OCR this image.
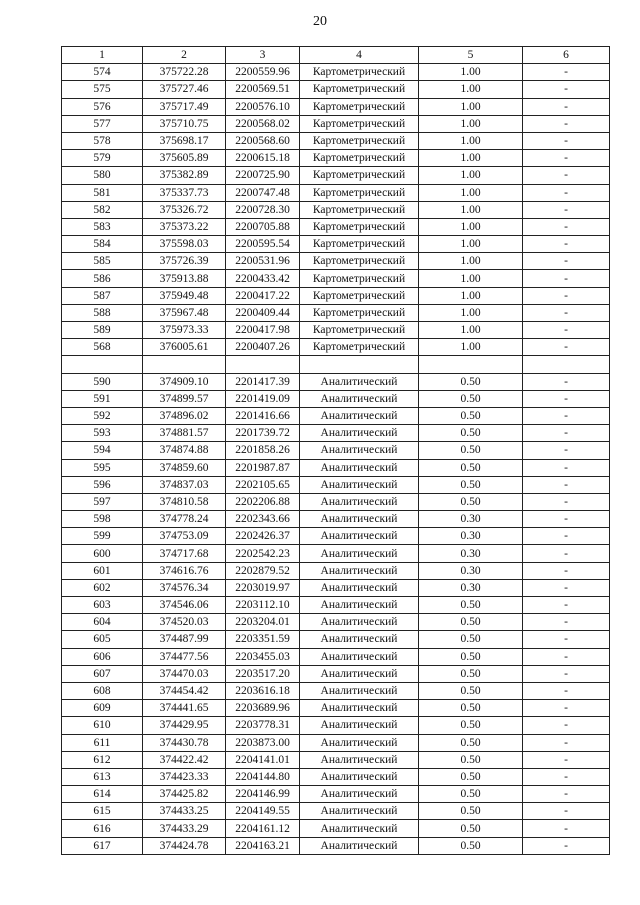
20
1	2	3	4	5	6
574	375722.28	2200559.96	Картометрический	1.00	-
575	375727.46	2200569.51	Картометрический	1.00	-
576	375717.49	2200576.10	Картометрический	1.00	-
577	375710.75	2200568.02	Картометрический	1.00	-
578	375698.17	2200568.60	Картометрический	1.00	-
579	375605.89	2200615.18	Картометрический	1.00	-
580	375382.89	2200725.90	Картометрический	1.00	-
581	375337.73	2200747.48	Картометрический	1.00	-
582	375326.72	2200728.30	Картометрический	1.00	-
583	375373.22	2200705.88	Картометрический	1.00	-
584	375598.03	2200595.54	Картометрический	1.00	-
585	375726.39	2200531.96	Картометрический	1.00	-
586	375913.88	2200433.42	Картометрический	1.00	-
587	375949.48	2200417.22	Картометрический	1.00	-
588	375967.48	2200409.44	Картометрический	1.00	-
589	375973.33	2200417.98	Картометрический	1.00	-
568	376005.61	2200407.26	Картометрический	1.00	-

590	374909.10	2201417.39	Аналитический	0.50	-
591	374899.57	2201419.09	Аналитический	0.50	-
592	374896.02	2201416.66	Аналитический	0.50	-
593	374881.57	2201739.72	Аналитический	0.50	-
594	374874.88	2201858.26	Аналитический	0.50	-
595	374859.60	2201987.87	Аналитический	0.50	-
596	374837.03	2202105.65	Аналитический	0.50	-
597	374810.58	2202206.88	Аналитический	0.50	-
598	374778.24	2202343.66	Аналитический	0.30	-
599	374753.09	2202426.37	Аналитический	0.30	-
600	374717.68	2202542.23	Аналитический	0.30	-
601	374616.76	2202879.52	Аналитический	0.30	-
602	374576.34	2203019.97	Аналитический	0.30	-
603	374546.06	2203112.10	Аналитический	0.50	-
604	374520.03	2203204.01	Аналитический	0.50	-
605	374487.99	2203351.59	Аналитический	0.50	-
606	374477.56	2203455.03	Аналитический	0.50	-
607	374470.03	2203517.20	Аналитический	0.50	-
608	374454.42	2203616.18	Аналитический	0.50	-
609	374441.65	2203689.96	Аналитический	0.50	-
610	374429.95	2203778.31	Аналитический	0.50	-
611	374430.78	2203873.00	Аналитический	0.50	-
612	374422.42	2204141.01	Аналитический	0.50	-
613	374423.33	2204144.80	Аналитический	0.50	-
614	374425.82	2204146.99	Аналитический	0.50	-
615	374433.25	2204149.55	Аналитический	0.50	-
616	374433.29	2204161.12	Аналитический	0.50	-
617	374424.78	2204163.21	Аналитический	0.50	-
